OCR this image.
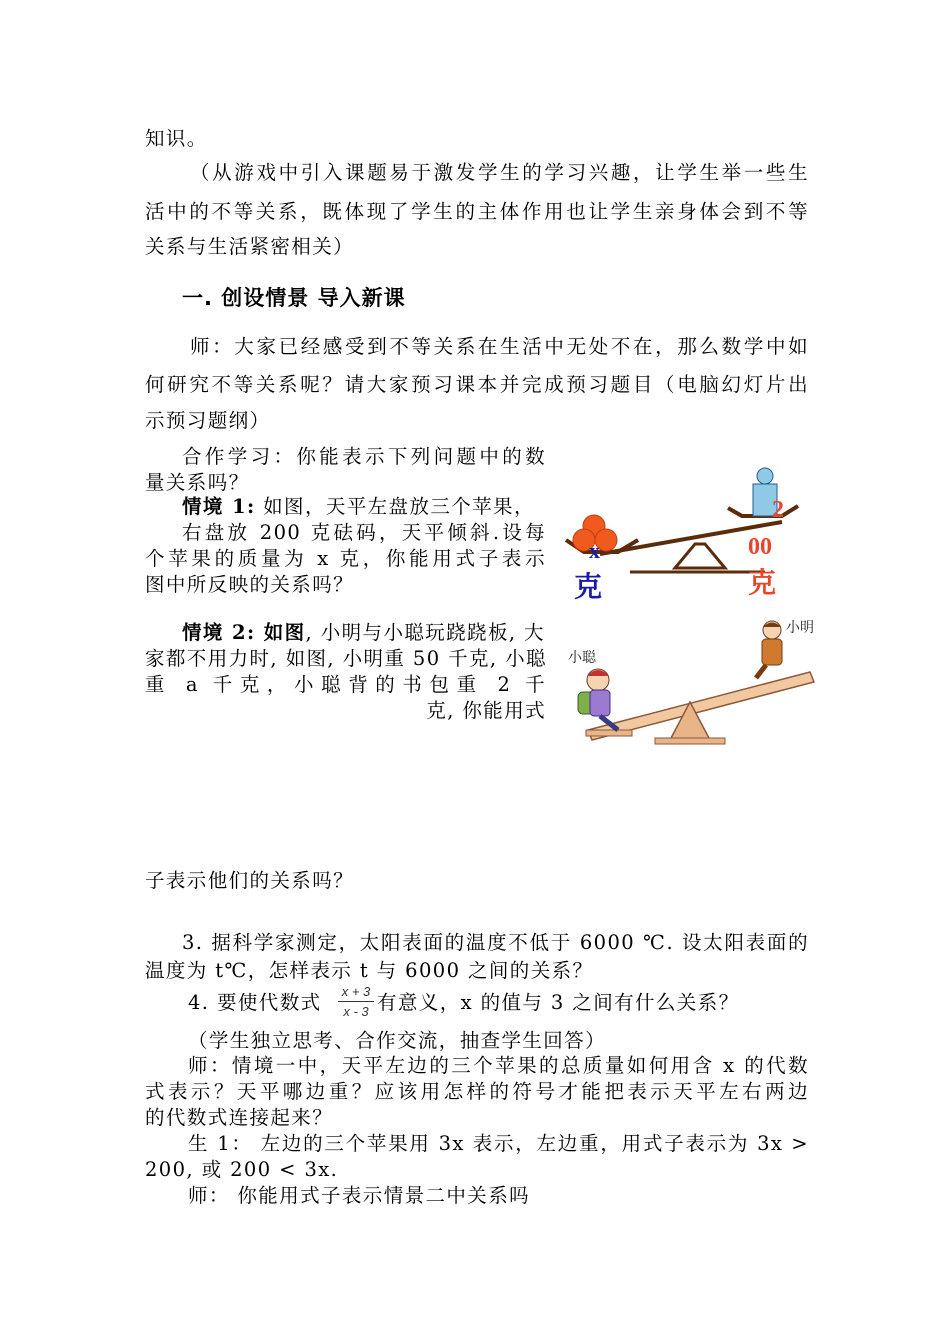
知识。
（从游戏中引入课题易于激发学生的学习兴趣，让学生举一些生
活中的不等关系，既体现了学生的主体作用也让学生亲身体会到不等
关系与生活紧密相关）
一. 创设情景 导入新课
师：大家已经感受到不等关系在生活中无处不在，那么数学中如
何研究不等关系呢？请大家预习课本并完成预习题目（电脑幻灯片出
示预习题纲）
合作学习：你能表示下列问题中的数
量关系吗？
情境 1: 如图，天平左盘放三个苹果，
右盘放 200 克砝码，天平倾斜.设每
个苹果的质量为 x 克，你能用式子表示
图中所反映的关系吗？
情境 2: 如图, 小明与小聪玩跷跷板, 大
家都不用力时, 如图, 小明重 50 千克, 小聪
重 a 千克，小聪背的书包重 2 千
克, 你能用式
x
克
2
00
克
小明
小聪
子表示他们的关系吗？
3. 据科学家测定，太阳表面的温度不低于 6000 ℃. 设太阳表面的
温度为 t℃，怎样表示 t 与 6000 之间的关系？
4. 要使代数式	x + 3
x - 3 有意义，x 的值与 3 之间有什么关系？
（学生独立思考、合作交流，抽查学生回答）
师：情境一中，天平左边的三个苹果的总质量如何用含 x 的代数
式表示？天平哪边重？应该用怎样的符号才能把表示天平左右两边
的代数式连接起来？
生 1： 左边的三个苹果用 3x 表示，左边重，用式子表示为 3x >
200, 或 200 < 3x.
师： 你能用式子表示情景二中关系吗
